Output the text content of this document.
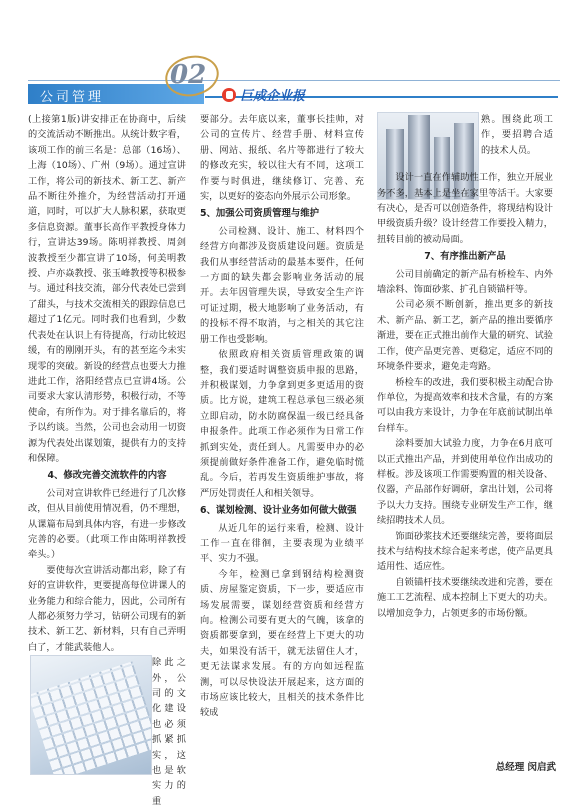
公司管理
02
巨成企业报

(上接第1版)讲安排正在协商中，后续的交流活动不断推出。从统计数字看，该项工作的前三名是：总部（16场）、上海（10场）、广州（9场）。通过宣讲工作，将公司的新技术、新工艺、新产品不断往外推介，为经营活动打开通道，同时，可以扩大人脉积累，获取更多信息资源。董事长高作平教授身体力行，宣讲达39场。陈明祥教授、周剑波教授至少都宣讲了10场，何美明教授、卢亦焱教授、张玉峰教授等积极参与。通过科技交流，部分代表处已尝到了甜头，与技术交流相关的跟踪信息已超过了1亿元。同时我们也看到，少数代表处在认识上有待提高，行动比较迟缓，有的刚刚开头，有的甚至迄今未实现零的突破。新设的经营点也要大力推进此工作，洛阳经营点已宣讲4场。公司要求大家认清形势，积极行动，不等使命，有所作为。对于排名靠后的，将予以约谈。当然，公司也会动用一切资源为代表处出谋划策，提供有力的支持和保障。

4、修改完善交流软件的内容

公司对宣讲软件已经进行了几次修改，但从目前使用情况看，仍不理想，从课篇布局到具体内容，有进一步修改完善的必要。（此项工作由陈明祥教授牵头。）

要使每次宣讲活动都出彩，除了有好的宣讲软件，更要提高每位讲课人的业务能力和综合能力，因此，公司所有人都必须努力学习，钻研公司现有的新技术、新工艺、新材料，只有自己弄明白了，才能武装他人。

除此之外，公司的文化建设也必须抓紧抓实，这也是软实力的重

要部分。去年底以来，董事长挂帅，对公司的宣传片、经营手册、材料宣传册、网站、报纸、名片等都进行了较大的修改充实，较以往大有不同，这项工作要与时俱进，继续修订、完善、充实，以更好的姿态向外展示公司形象。

5、加强公司资质管理与维护

公司检测、设计、施工、材料四个经营方向都涉及资质建设问题。资质是我们从事经营活动的最基本要件，任何一方面的缺失都会影响业务活动的展开。去年因管理失误，导致安全生产许可证过期，极大地影响了业务活动，有的投标不得不取消，与之相关的其它注册工作也受影响。

依照政府相关资质管理政策的调整，我们要适时调整资质申报的思路，并积极谋划，力争拿到更多更适用的资质。比方说，建筑工程总承包三级必须立即启动，防水防腐保温一级已经具备申报条件。此项工作必须作为日常工作抓到实处，责任到人。凡需要申办的必须提前做好条件准备工作，避免临时慌乱。今后，若再发生资质维护事故，将严厉处罚责任人和相关领导。

6、谋划检测、设计业务如何做大做强

从近几年的运行来看，检测、设计工作一直在徘徊，主要表现为业绩平平、实力不强。

今年，检测已拿到钢结构检测资质、房屋鉴定资质，下一步，要适应市场发展需要，谋划经营资质和经营方向。检测公司要有更大的气魄，该拿的资质都要拿到，要在经营上下更大的功夫，如果没有活干，就无法留住人才，更无法谋求发展。有的方向如远程监测，可以尽快设法开展起来，这方面的市场应该比较大，且相关的技术条件比较成

熟。围绕此项工作，要招聘合适的技术人员。

设计一直在作辅助性工作，独立开展业务不多，基本上是坐在家里等活干。大家要有决心，是否可以创造条件，将现结构设计甲级资质升级？设计经营工作要投入精力，扭转目前的被动局面。

7、有序推出新产品

公司目前确定的新产品有桥检车、内外墙涂料、饰面砂浆、扩孔自锁锚杆等。

公司必须不断创新，推出更多的新技术、新产品、新工艺，新产品的推出要循序渐进，要在正式推出前作大量的研究、试验工作，使产品更完善、更稳定，适应不同的环境条件要求，避免走弯路。

桥检车的改进，我们要积极主动配合协作单位，为提高效率和技术含量，有的方案可以由我方来设计，力争在年底前试制出单台样车。

涂料要加大试验力度，力争在6月底可以正式推出产品，并到使用单位作出成功的样板。涉及该项工作需要购置的相关设备、仪器，产品部作好调研，拿出计划，公司将予以大力支持。围绕专业研发生产工作，继续招聘技术人员。

饰面砂浆技术还要继续完善，要将面层技术与结构技术综合起来考虑，使产品更具适用性、适应性。

自锁锚杆技术要继续改进和完善，要在施工工艺流程、成本控制上下更大的功夫。以增加竞争力，占领更多的市场份额。

总经理 闵启武
